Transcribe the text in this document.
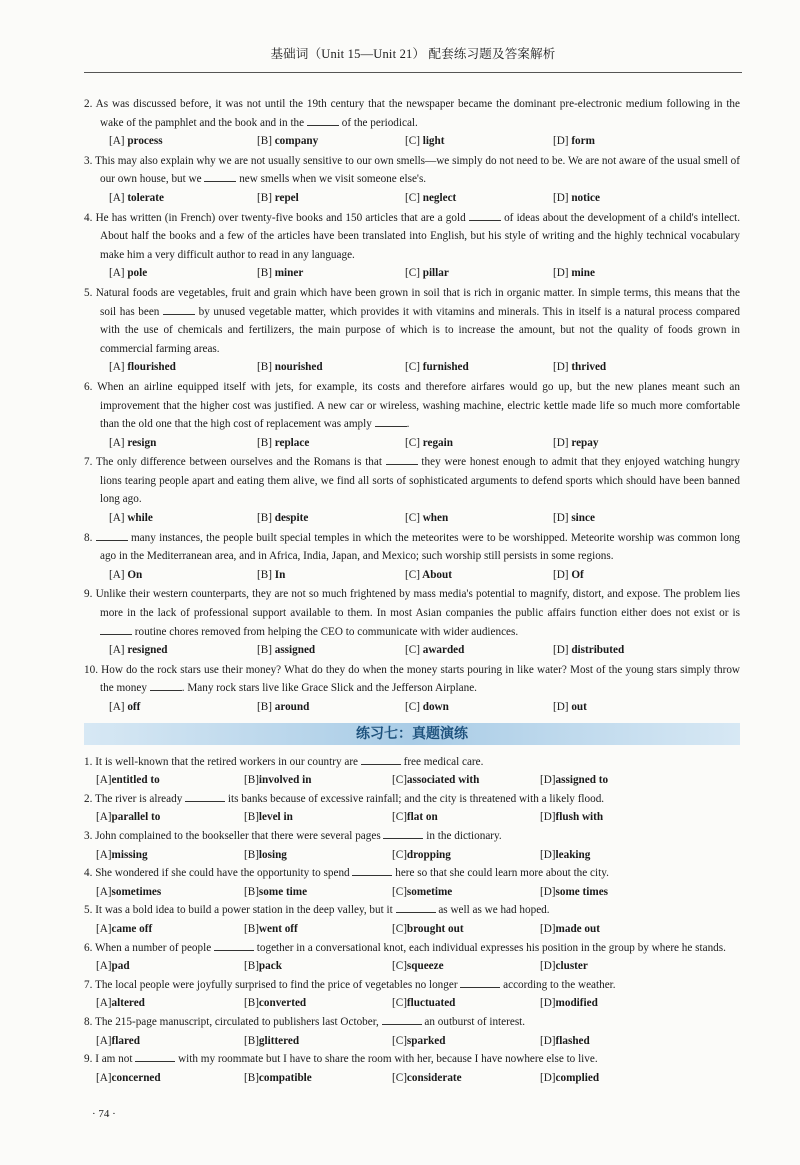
基础词（Unit 15—Unit 21） 配套练习题及答案解析

2. As was discussed before, it was not until the 19th century that the newspaper became the dominant pre-electronic medium following in the wake of the pamphlet and the book and in the	of the periodical.

[A] process	[B] company	[C] light	[D] form

3. This may also explain why we are not usually sensitive to our own smells—we simply do not need to be. We are not aware of the usual smell of our own house, but we	new smells when we visit someone else's.

[A] tolerate	[B] repel	[C] neglect	[D] notice

4. He has written (in French) over twenty-five books and 150 articles that are a gold	of ideas about the development of a child's intellect. About half the books and a few of the articles have been translated into English, but his style of writing and the highly technical vocabulary make him a very difficult author to read in any language.

[A] pole	[B] miner	[C] pillar	[D] mine

5. Natural foods are vegetables, fruit and grain which have been grown in soil that is rich in organic matter. In simple terms, this means that the soil has been	by unused vegetable matter, which provides it with vitamins and minerals. This in itself is a natural process compared with the use of chemicals and fertilizers, the main purpose of which is to increase the amount, but not the quality of foods grown in commercial farming areas.

[A] flourished	[B] nourished	[C] furnished	[D] thrived

6. When an airline equipped itself with jets, for example, its costs and therefore airfares would go up, but the new planes meant such an improvement that the higher cost was justified. A new car or wireless, washing machine, electric kettle made life so much more comfortable than the old one that the high cost of replacement was amply	.

[A] resign	[B] replace	[C] regain	[D] repay

7. The only difference between ourselves and the Romans is that	they were honest enough to admit that they enjoyed watching hungry lions tearing people apart and eating them alive, we find all sorts of sophisticated arguments to defend sports which should have been banned long ago.

[A] while	[B] despite	[C] when	[D] since

8.	many instances, the people built special temples in which the meteorites were to be worshipped. Meteorite worship was common long ago in the Mediterranean area, and in Africa, India, Japan, and Mexico; such worship still persists in some regions.

[A] On	[B] In	[C] About	[D] Of

9. Unlike their western counterparts, they are not so much frightened by mass media's potential to magnify, distort, and expose. The problem lies more in the lack of professional support available to them. In most Asian companies the public affairs function either does not exist or is  routine chores removed from helping the CEO to communicate with wider audiences.

[A] resigned	[B] assigned	[C] awarded	[D] distributed

10. How do the rock stars use their money? What do they do when the money starts pouring in like water? Most of the young stars simply throw the money	. Many rock stars live like Grace Slick and the Jefferson Airplane.

[A] off	[B] around	[C] down	[D] out
练习七：真题演练

1. It is well-known that the retired workers in our country are	free medical care.

[A]entitled to	[B]involved in	[C]associated with	[D]assigned to

2. The river is already	its banks because of excessive rainfall; and the city is threatened with a likely flood.

[A]parallel to	[B]level in	[C]flat on	[D]flush with

3. John complained to the bookseller that there were several pages	in the dictionary.

[A]missing	[B]losing	[C]dropping	[D]leaking

4. She wondered if she could have the opportunity to spend	here so that she could learn more about the city.

[A]sometimes	[B]some time	[C]sometime	[D]some times

5. It was a bold idea to build a power station in the deep valley, but it	as well as we had hoped.

[A]came off	[B]went off	[C]brought out	[D]made out

6. When a number of people	together in a conversational knot, each individual expresses his position in the group by where he stands.

[A]pad	[B]pack	[C]squeeze	[D]cluster

7. The local people were joyfully surprised to find the price of vegetables no longer	according to the weather.

[A]altered	[B]converted	[C]fluctuated	[D]modified

8. The 215-page manuscript, circulated to publishers last October,	an outburst of interest.

[A]flared	[B]glittered	[C]sparked	[D]flashed

9. I am not	with my roommate but I have to share the room with her, because I have nowhere else to live.

[A]concerned	[B]compatible	[C]considerate	[D]complied
· 74 ·
